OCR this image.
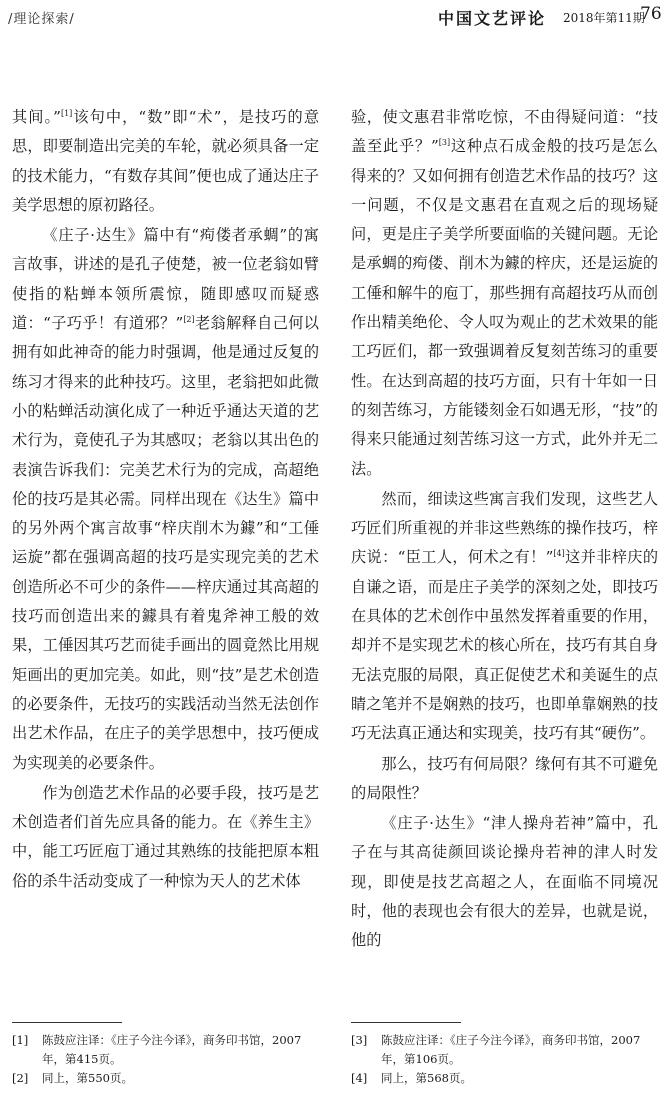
/理论探索/	中国文艺评论 2018年第11期
76

其间。”[1]该句中，“数”即“术”，是技巧的意思，即要制造出完美的车轮，就必须具备一定的技术能力，“有数存其间”便也成了通达庄子美学思想的原初路径。

《庄子·达生》篇中有“痀偻者承蜩”的寓言故事，讲述的是孔子使楚，被一位老翁如臂使指的粘蝉本领所震惊，随即感叹而疑惑道：“子巧乎！有道邪？”[2]老翁解释自己何以拥有如此神奇的能力时强调，他是通过反复的练习才得来的此种技巧。这里，老翁把如此微小的粘蝉活动演化成了一种近乎通达天道的艺术行为，竟使孔子为其感叹；老翁以其出色的表演告诉我们：完美艺术行为的完成，高超绝伦的技巧是其必需。同样出现在《达生》篇中的另外两个寓言故事“梓庆削木为鐻”和“工倕运旋”都在强调高超的技巧是实现完美的艺术创造所必不可少的条件——梓庆通过其高超的技巧而创造出来的鐻具有着鬼斧神工般的效果，工倕因其巧艺而徒手画出的圆竟然比用规矩画出的更加完美。如此，则“技”是艺术创造的必要条件，无技巧的实践活动当然无法创作出艺术作品，在庄子的美学思想中，技巧便成为实现美的必要条件。

作为创造艺术作品的必要手段，技巧是艺术创造者们首先应具备的能力。在《养生主》中，能工巧匠庖丁通过其熟练的技能把原本粗俗的杀牛活动变成了一种惊为天人的艺术体

验，使文惠君非常吃惊，不由得疑问道：“技盖至此乎？”[3]这种点石成金般的技巧是怎么得来的？又如何拥有创造艺术作品的技巧？这一问题，不仅是文惠君在直观之后的现场疑问，更是庄子美学所要面临的关键问题。无论是承蜩的痀偻、削木为鐻的梓庆，还是运旋的工倕和解牛的庖丁，那些拥有高超技巧从而创作出精美绝伦、令人叹为观止的艺术效果的能工巧匠们，都一致强调着反复刻苦练习的重要性。在达到高超的技巧方面，只有十年如一日的刻苦练习，方能镂刻金石如遇无形，“技”的得来只能通过刻苦练习这一方式，此外并无二法。

然而，细读这些寓言我们发现，这些艺人巧匠们所重视的并非这些熟练的操作技巧，梓庆说：“臣工人，何术之有！”[4]这并非梓庆的自谦之语，而是庄子美学的深刻之处，即技巧在具体的艺术创作中虽然发挥着重要的作用，却并不是实现艺术的核心所在，技巧有其自身无法克服的局限，真正促使艺术和美诞生的点睛之笔并不是娴熟的技巧，也即单靠娴熟的技巧无法真正通达和实现美，技巧有其“硬伤”。

那么，技巧有何局限？缘何有其不可避免的局限性？

《庄子·达生》“津人操舟若神”篇中，孔子在与其高徒颜回谈论操舟若神的津人时发现，即使是技艺高超之人，在面临不同境况时，他的表现也会有很大的差异，也就是说，他的

[1]	陈鼓应注译：《庄子今注今译》，商务印书馆，2007年，第415页。
[2]	同上，第550页。
[3]	陈鼓应注译：《庄子今注今译》，商务印书馆，2007年，第106页。
[4]	同上，第568页。
